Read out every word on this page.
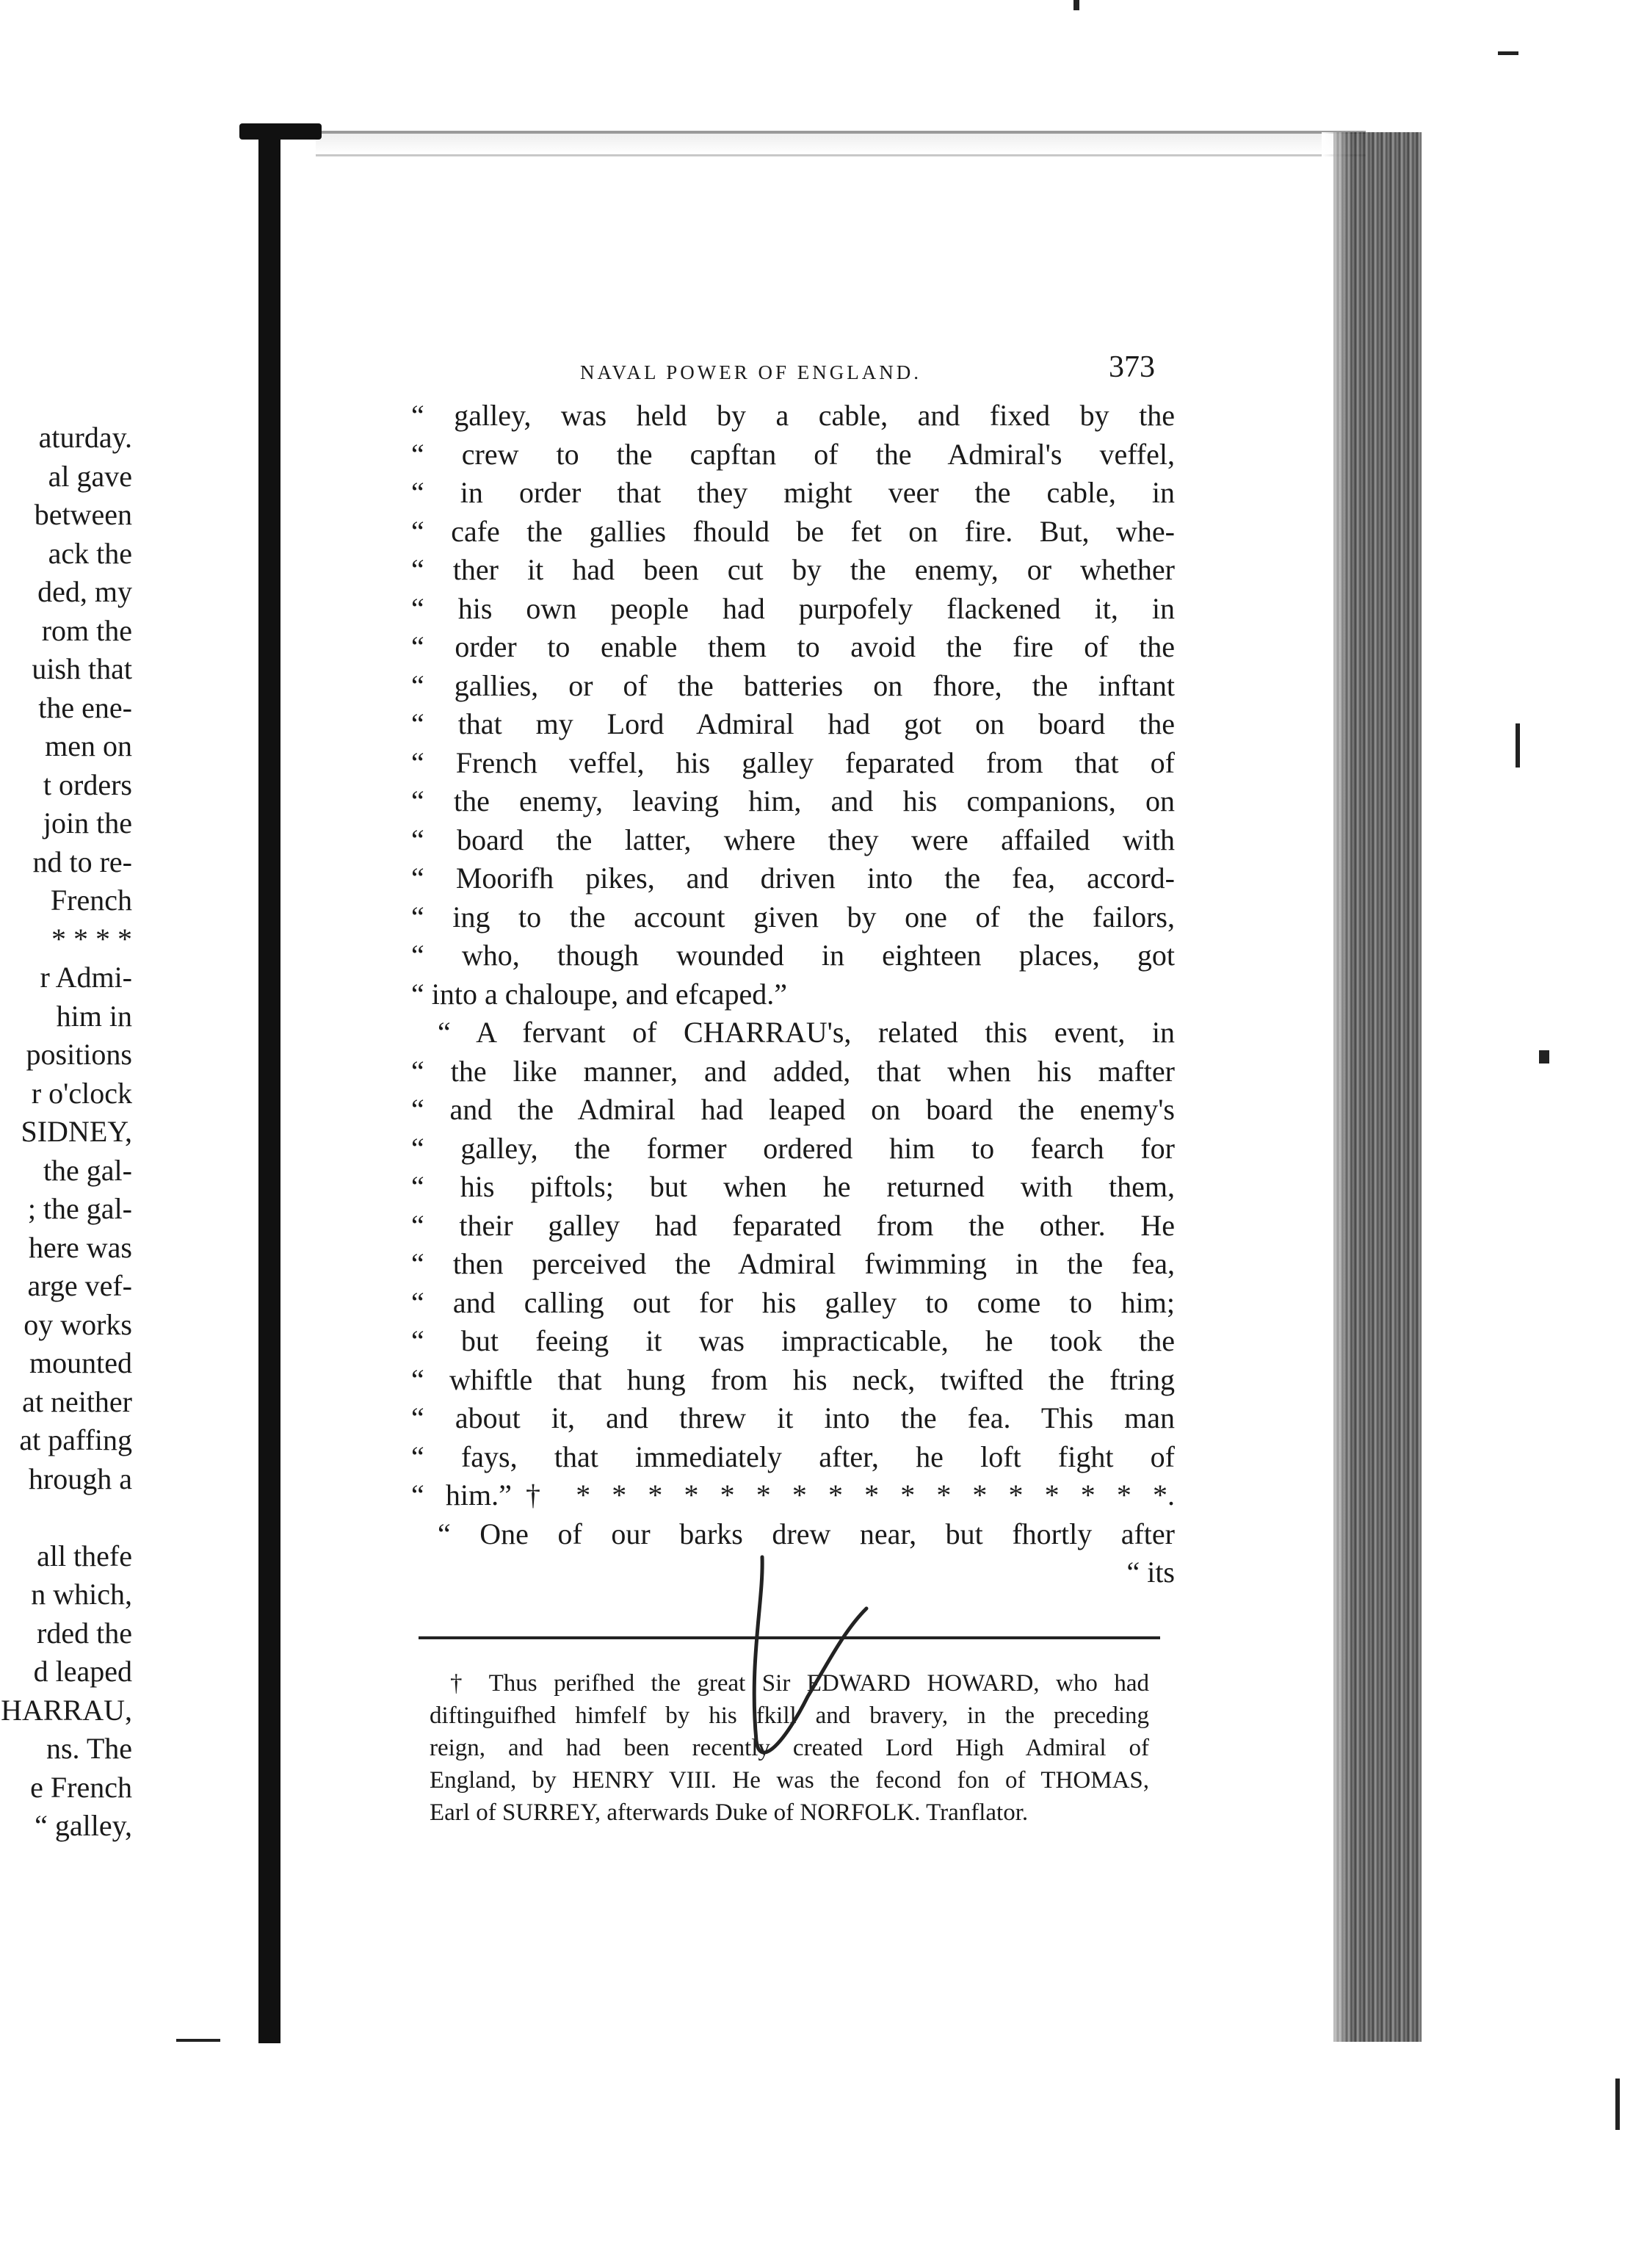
aturday.
al gave
between
ack the
ded, my
rom the
uish that
the ene-
men on
t orders
join the
nd to re-
French
* * * *
r Admi-
him in
positions
r o'clock
SIDNEY,
the gal-
; the gal-
here was
arge vef-
oy works
mounted
at neither
at paffing
hrough a

all thefe
n which,
rded the
d leaped
HARRAU,
ns. The
e French
“ galley,
NAVAL POWER OF ENGLAND.	373
“ galley, was held by a cable, and fixed by the
“ crew to the capftan of the Admiral's veffel,
“ in order that they might veer the cable, in
“ cafe the gallies fhould be fet on fire. But, whe-
“ ther it had been cut by the enemy, or whether
“ his own people had purpofely flackened it, in
“ order to enable them to avoid the fire of the
“ gallies, or of the batteries on fhore, the inftant
“ that my Lord Admiral had got on board the
“ French veffel, his galley feparated from that of
“ the enemy, leaving him, and his companions, on
“ board the latter, where they were affailed with
“ Moorifh pikes, and driven into the fea, accord-
“ ing to the account given by one of the failors,
“ who, though wounded in eighteen places, got
“ into a chaloupe, and efcaped.”
“ A fervant of CHARRAU's, related this event, in
“ the like manner, and added, that when his mafter
“ and the Admiral had leaped on board the enemy's
“ galley, the former ordered him to fearch for
“ his piftols; but when he returned with them,
“ their galley had feparated from the other. He
“ then perceived the Admiral fwimming in the fea,
“ and calling out for his galley to come to him;
“ but feeing it was impracticable, he took the
“ whiftle that hung from his neck, twifted the ftring
“ about it, and threw it into the fea. This man
“ fays, that immediately after, he loft fight of
“ him.”† * * * * * * * * * * * * * * * * *.
“ One of our barks drew near, but fhortly after
“ its
† Thus perifhed the great Sir EDWARD HOWARD, who had
diftinguifhed himfelf by his fkill and bravery, in the preceding
reign, and had been recently created Lord High Admiral of
England, by HENRY VIII. He was the fecond fon of THOMAS,
Earl of SURREY, afterwards Duke of NORFOLK. Tranflator.
